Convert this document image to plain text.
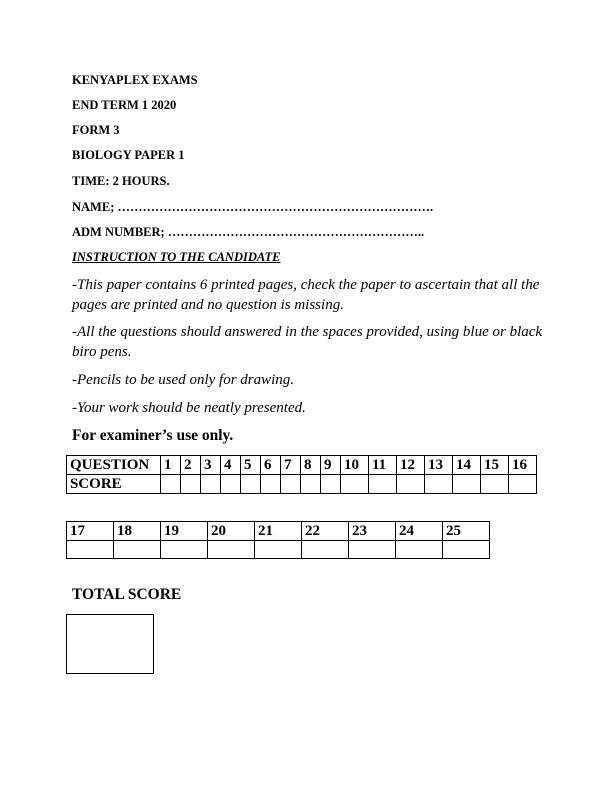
KENYAPLEX EXAMS
END TERM 1 2020
FORM 3
BIOLOGY PAPER 1
TIME: 2 HOURS.
NAME; ………………………………………………………………….
ADM NUMBER; ……………………………………………………..
INSTRUCTION TO THE CANDIDATE
-This paper contains 6 printed pages, check the paper to ascertain that all the pages are printed and no question is missing.
-All the questions should answered in the spaces provided, using blue or black biro pens.
-Pencils to be used only for drawing.
-Your work should be neatly presented.
For examiner’s use only.
QUESTION	1	2	3	4	5	6	7	8	9	10	11	12	13	14	15	16
SCORE																
17	18	19	20	21	22	23	24	25

TOTAL SCORE
